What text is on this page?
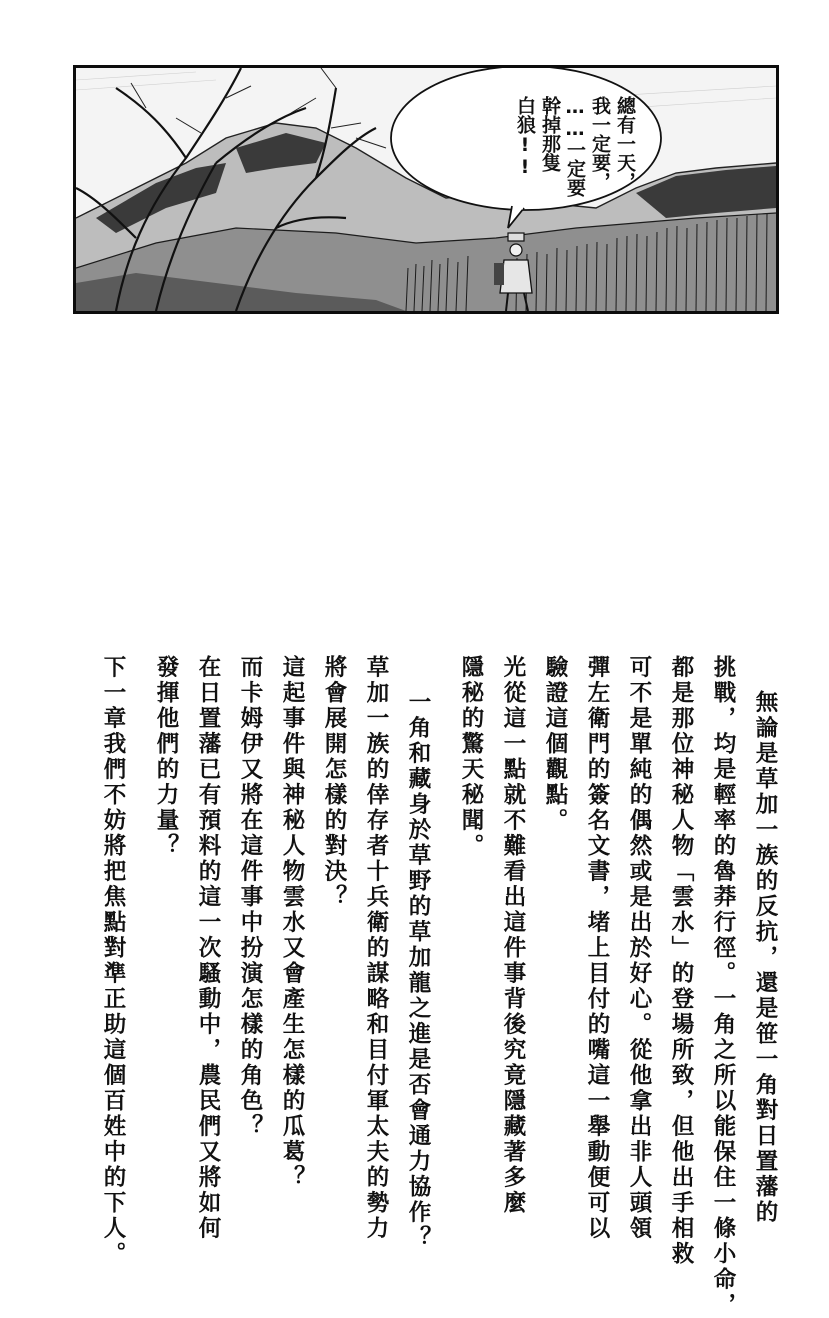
總有一天，
我一定要，
……一定要
幹掉那隻
白狼!!
無論是草加一族的反抗，還是笹一角對日置藩的
挑戰，均是輕率的魯莽行徑。一角之所以能保住一條小命，
都是那位神秘人物「雲水」的登場所致，但他出手相救
可不是單純的偶然或是出於好心。從他拿出非人頭領
彈左衛門的簽名文書，堵上目付的嘴這一舉動便可以
驗證這個觀點。
光從這一點就不難看出這件事背後究竟隱藏著多麼
隱秘的驚天秘聞。
一角和藏身於草野的草加龍之進是否會通力協作？
草加一族的倖存者十兵衛的謀略和目付軍太夫的勢力
將會展開怎樣的對決？
這起事件與神秘人物雲水又會產生怎樣的瓜葛？
而卡姆伊又將在這件事中扮演怎樣的角色？
在日置藩已有預料的這一次騷動中，農民們又將如何
發揮他們的力量？
下一章我們不妨將把焦點對準正助這個百姓中的下人。
